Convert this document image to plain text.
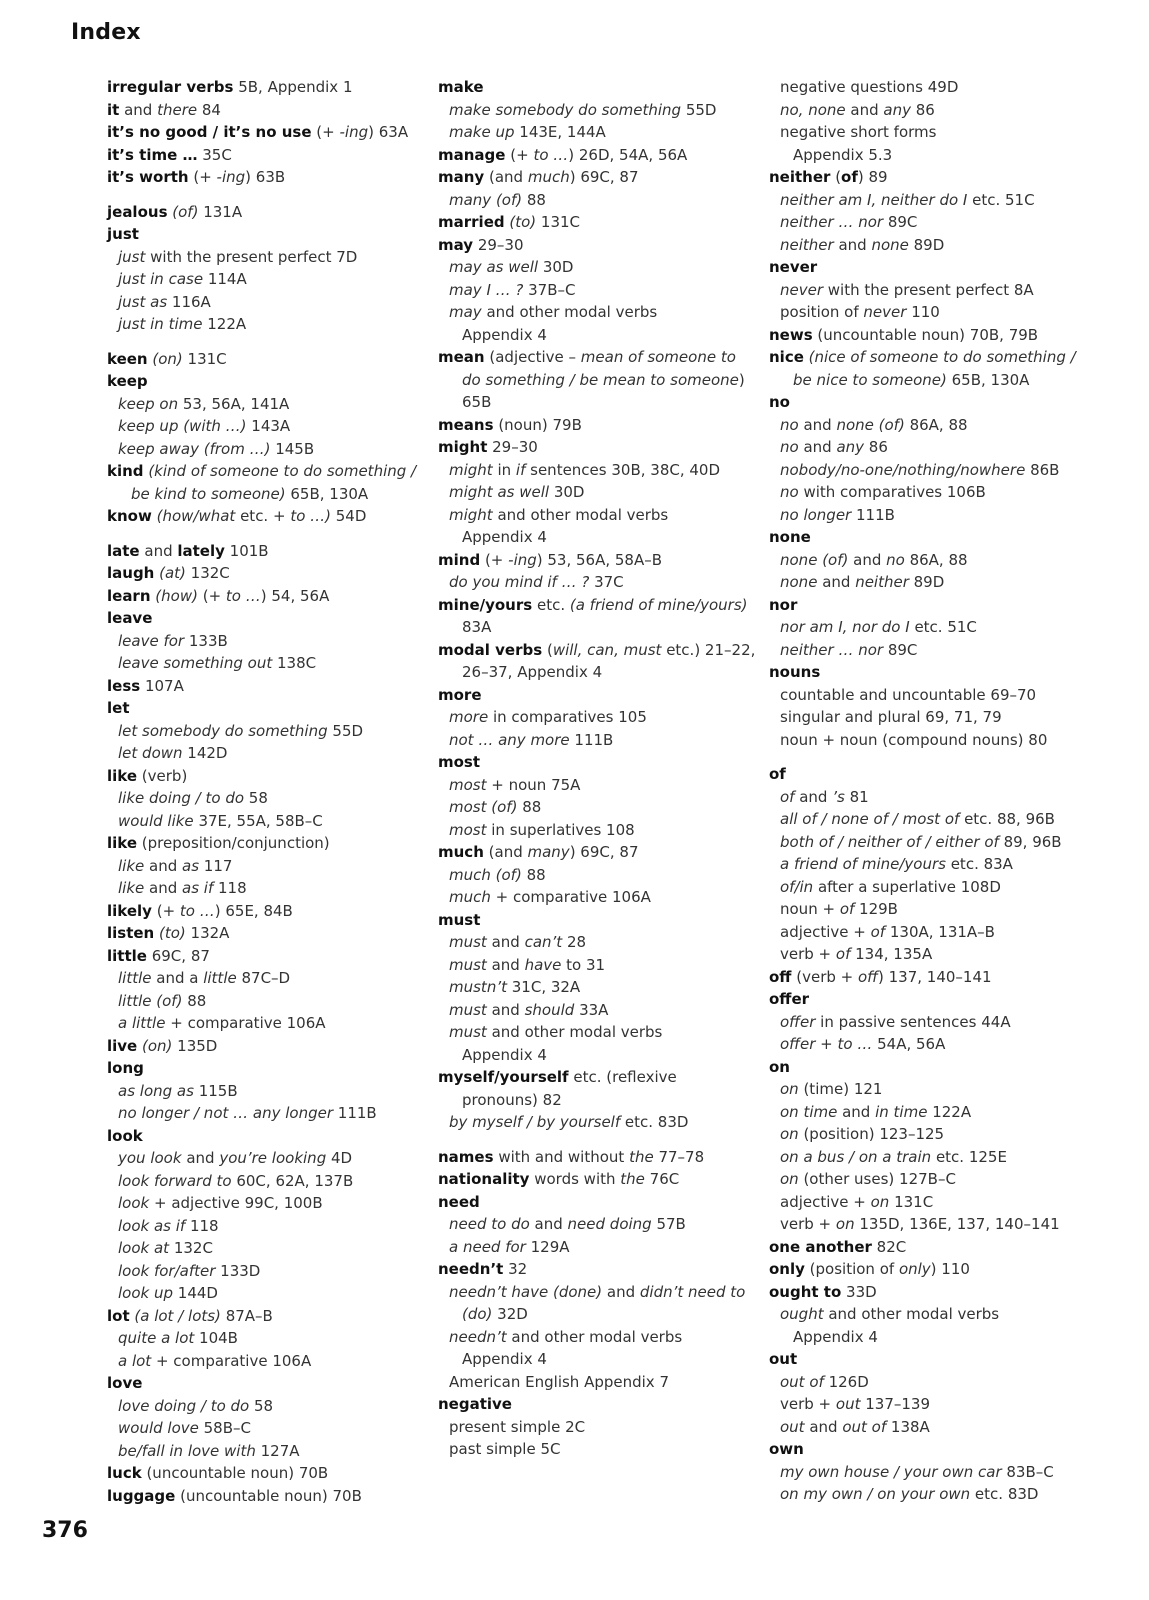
Index
irregular verbs 5B, Appendix 1
it and there 84
it’s no good / it’s no use (+ -ing) 63A
it’s time … 35C
it’s worth (+ -ing) 63B
jealous (of) 131A
just
just with the present perfect 7D
just in case 114A
just as 116A
just in time 122A
keen (on) 131C
keep
keep on 53, 56A, 141A
keep up (with …) 143A
keep away (from …) 145B
kind (kind of someone to do something /
be kind to someone) 65B, 130A
know (how/what etc. + to …) 54D
late and lately 101B
laugh (at) 132C
learn (how) (+ to …) 54, 56A
leave
leave for 133B
leave something out 138C
less 107A
let
let somebody do something 55D
let down 142D
like (verb)
like doing / to do 58
would like 37E, 55A, 58B–C
like (preposition/conjunction)
like and as 117
like and as if 118
likely (+ to …) 65E, 84B
listen (to) 132A
little 69C, 87
little and a little 87C–D
little (of) 88
a little + comparative 106A
live (on) 135D
long
as long as 115B
no longer / not … any longer 111B
look
you look and you’re looking 4D
look forward to 60C, 62A, 137B
look + adjective 99C, 100B
look as if 118
look at 132C
look for/after 133D
look up 144D
lot (a lot / lots) 87A–B
quite a lot 104B
a lot + comparative 106A
love
love doing / to do 58
would love 58B–C
be/fall in love with 127A
luck (uncountable noun) 70B
luggage (uncountable noun) 70B
make
make somebody do something 55D
make up 143E, 144A
manage (+ to …) 26D, 54A, 56A
many (and much) 69C, 87
many (of) 88
married (to) 131C
may 29–30
may as well 30D
may I … ? 37B–C
may and other modal verbs
Appendix 4
mean (adjective – mean of someone to
do something / be mean to someone)
65B
means (noun) 79B
might 29–30
might in if sentences 30B, 38C, 40D
might as well 30D
might and other modal verbs
Appendix 4
mind (+ -ing) 53, 56A, 58A–B
do you mind if … ? 37C
mine/yours etc. (a friend of mine/yours)
83A
modal verbs (will, can, must etc.) 21–22,
26–37, Appendix 4
more
more in comparatives 105
not … any more 111B
most
most + noun 75A
most (of) 88
most in superlatives 108
much (and many) 69C, 87
much (of) 88
much + comparative 106A
must
must and can’t 28
must and have to 31
mustn’t 31C, 32A
must and should 33A
must and other modal verbs
Appendix 4
myself/yourself etc. (reflexive
pronouns) 82
by myself / by yourself etc. 83D
names with and without the 77–78
nationality words with the 76C
need
need to do and need doing 57B
a need for 129A
needn’t 32
needn’t have (done) and didn’t need to
(do) 32D
needn’t and other modal verbs
Appendix 4
American English Appendix 7
negative
present simple 2C
past simple 5C
negative questions 49D
no, none and any 86
negative short forms
Appendix 5.3
neither (of) 89
neither am I, neither do I etc. 51C
neither … nor 89C
neither and none 89D
never
never with the present perfect 8A
position of never 110
news (uncountable noun) 70B, 79B
nice (nice of someone to do something /
be nice to someone) 65B, 130A
no
no and none (of) 86A, 88
no and any 86
nobody/no-one/nothing/nowhere 86B
no with comparatives 106B
no longer 111B
none
none (of) and no 86A, 88
none and neither 89D
nor
nor am I, nor do I etc. 51C
neither … nor 89C
nouns
countable and uncountable 69–70
singular and plural 69, 71, 79
noun + noun (compound nouns) 80
of
of and ’s 81
all of / none of / most of etc. 88, 96B
both of / neither of / either of 89, 96B
a friend of mine/yours etc. 83A
of/in after a superlative 108D
noun + of 129B
adjective + of 130A, 131A–B
verb + of 134, 135A
off (verb + off) 137, 140–141
offer
offer in passive sentences 44A
offer + to … 54A, 56A
on
on (time) 121
on time and in time 122A
on (position) 123–125
on a bus / on a train etc. 125E
on (other uses) 127B–C
adjective + on 131C
verb + on 135D, 136E, 137, 140–141
one another 82C
only (position of only) 110
ought to 33D
ought and other modal verbs
Appendix 4
out
out of 126D
verb + out 137–139
out and out of 138A
own
my own house / your own car 83B–C
on my own / on your own etc. 83D
376
